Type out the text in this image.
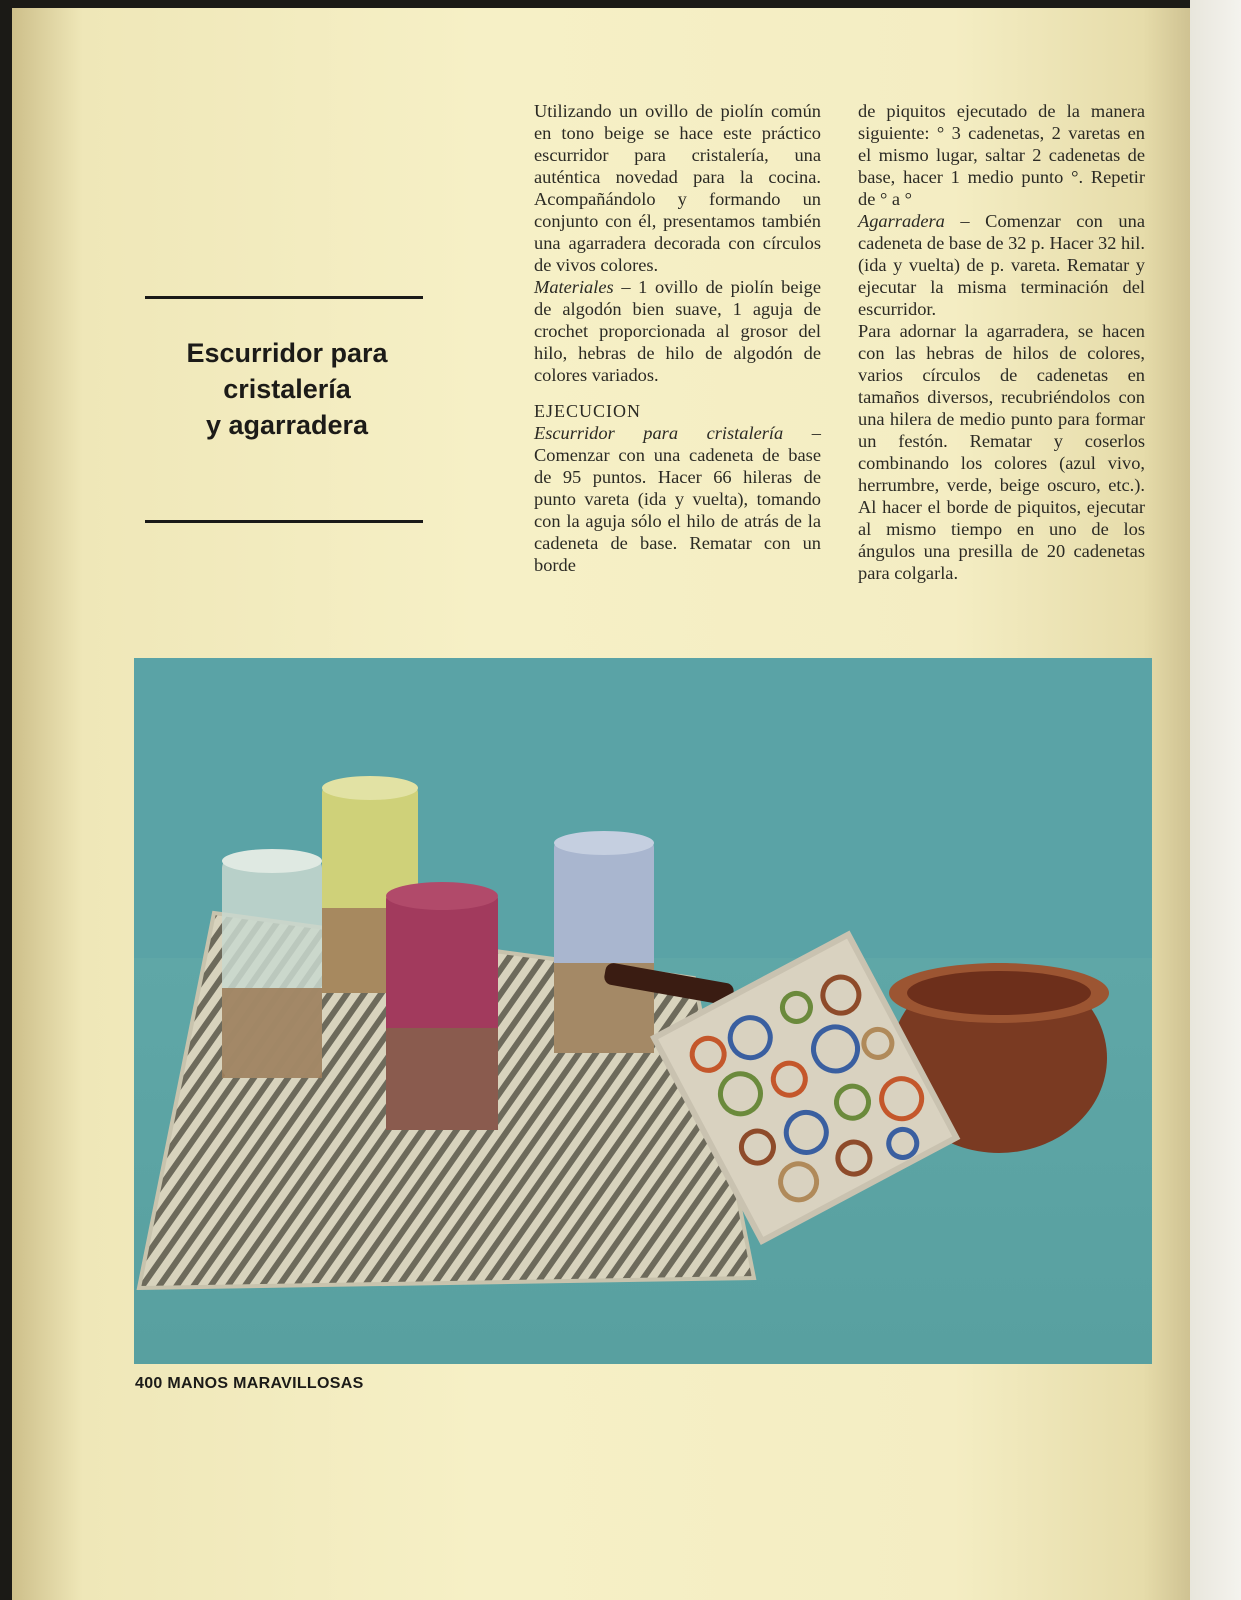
Escurridor para
cristalería
y agarradera

Utilizando un ovillo de piolín común en tono beige se hace este práctico escurridor para cristalería, una auténtica novedad para la cocina. Acompañándolo y formando un conjunto con él, presentamos también una agarradera decorada con círculos de vivos colores.

Materiales – 1 ovillo de piolín beige de algodón bien suave, 1 aguja de crochet proporcionada al grosor del hilo, hebras de hilo de algodón de colores variados.

EJECUCION

Escurridor para cristalería – Comenzar con una cadeneta de base de 95 puntos. Hacer 66 hileras de punto vareta (ida y vuelta), tomando con la aguja sólo el hilo de atrás de la cadeneta de base. Rematar con un borde

de piquitos ejecutado de la manera siguiente: ° 3 cadenetas, 2 varetas en el mismo lugar, saltar 2 cadenetas de base, hacer 1 medio punto °. Repetir de ° a °

Agarradera – Comenzar con una cadeneta de base de 32 p. Hacer 32 hil. (ida y vuelta) de p. vareta. Rematar y ejecutar la misma terminación del escurridor.

Para adornar la agarradera, se hacen con las hebras de hilos de colores, varios círculos de cadenetas en tamaños diversos, recubriéndolos con una hilera de medio punto para formar un festón. Rematar y coserlos combinando los colores (azul vivo, herrumbre, verde, beige oscuro, etc.). Al hacer el borde de piquitos, ejecutar al mismo tiempo en uno de los ángulos una presilla de 20 cadenetas para colgarla.

400 MANOS MARAVILLOSAS
